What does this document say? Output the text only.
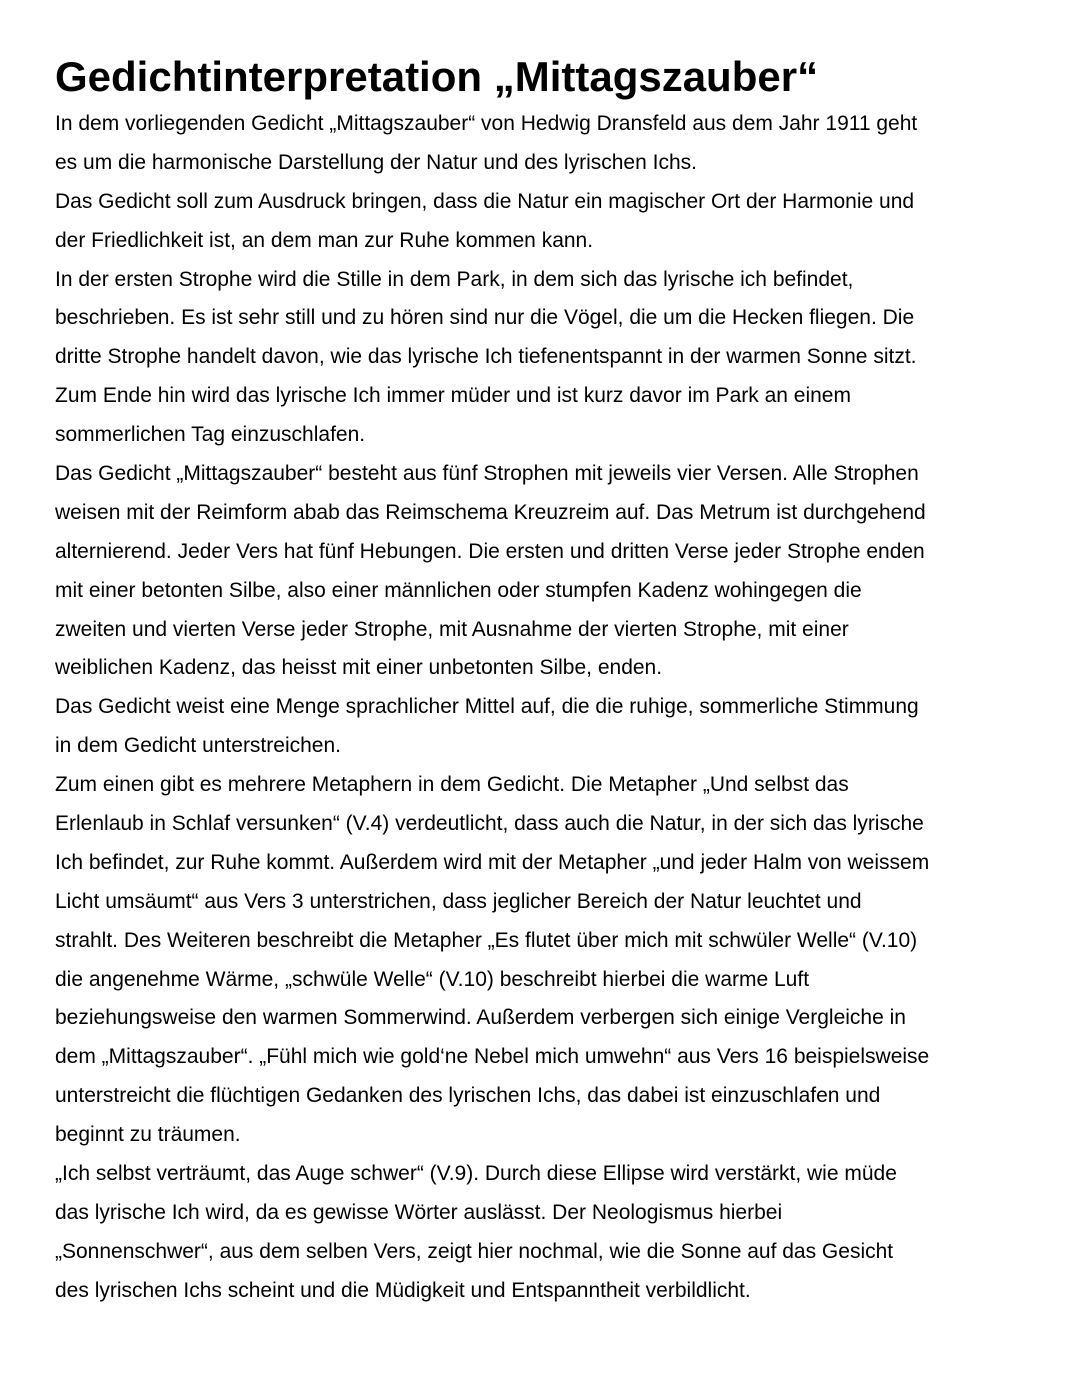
Gedichtinterpretation „Mittagszauber“
In dem vorliegenden Gedicht „Mittagszauber“ von Hedwig Dransfeld aus dem Jahr 1911 geht
es um die harmonische Darstellung der Natur und des lyrischen Ichs.
Das Gedicht soll zum Ausdruck bringen, dass die Natur ein magischer Ort der Harmonie und
der Friedlichkeit ist, an dem man zur Ruhe kommen kann.
In der ersten Strophe wird die Stille in dem Park, in dem sich das lyrische ich befindet,
beschrieben. Es ist sehr still und zu hören sind nur die Vögel, die um die Hecken fliegen. Die
dritte Strophe handelt davon, wie das lyrische Ich tiefenentspannt in der warmen Sonne sitzt.
Zum Ende hin wird das lyrische Ich immer müder und ist kurz davor im Park an einem
sommerlichen Tag einzuschlafen.
Das Gedicht „Mittagszauber“ besteht aus fünf Strophen mit jeweils vier Versen. Alle Strophen
weisen mit der Reimform abab das Reimschema Kreuzreim auf. Das Metrum ist durchgehend
alternierend. Jeder Vers hat fünf Hebungen. Die ersten und dritten Verse jeder Strophe enden
mit einer betonten Silbe, also einer männlichen oder stumpfen Kadenz wohingegen die
zweiten und vierten Verse jeder Strophe, mit Ausnahme der vierten Strophe, mit einer
weiblichen Kadenz, das heisst mit einer unbetonten Silbe, enden.
Das Gedicht weist eine Menge sprachlicher Mittel auf, die die ruhige, sommerliche Stimmung
in dem Gedicht unterstreichen.
Zum einen gibt es mehrere Metaphern in dem Gedicht. Die Metapher „Und selbst das
Erlenlaub in Schlaf versunken“ (V.4) verdeutlicht, dass auch die Natur, in der sich das lyrische
Ich befindet, zur Ruhe kommt. Außerdem wird mit der Metapher „und jeder Halm von weissem
Licht umsäumt“ aus Vers 3 unterstrichen, dass jeglicher Bereich der Natur leuchtet und
strahlt. Des Weiteren beschreibt die Metapher „Es flutet über mich mit schwüler Welle“ (V.10)
die angenehme Wärme, „schwüle Welle“ (V.10) beschreibt hierbei die warme Luft
beziehungsweise den warmen Sommerwind. Außerdem verbergen sich einige Vergleiche in
dem „Mittagszauber“. „Fühl mich wie gold‘ne Nebel mich umwehn“ aus Vers 16 beispielsweise
unterstreicht die flüchtigen Gedanken des lyrischen Ichs, das dabei ist einzuschlafen und
beginnt zu träumen.
„Ich selbst verträumt, das Auge schwer“ (V.9). Durch diese Ellipse wird verstärkt, wie müde
das lyrische Ich wird, da es gewisse Wörter auslässt. Der Neologismus hierbei
„Sonnenschwer“, aus dem selben Vers, zeigt hier nochmal, wie die Sonne auf das Gesicht
des lyrischen Ichs scheint und die Müdigkeit und Entspanntheit verbildlicht.
